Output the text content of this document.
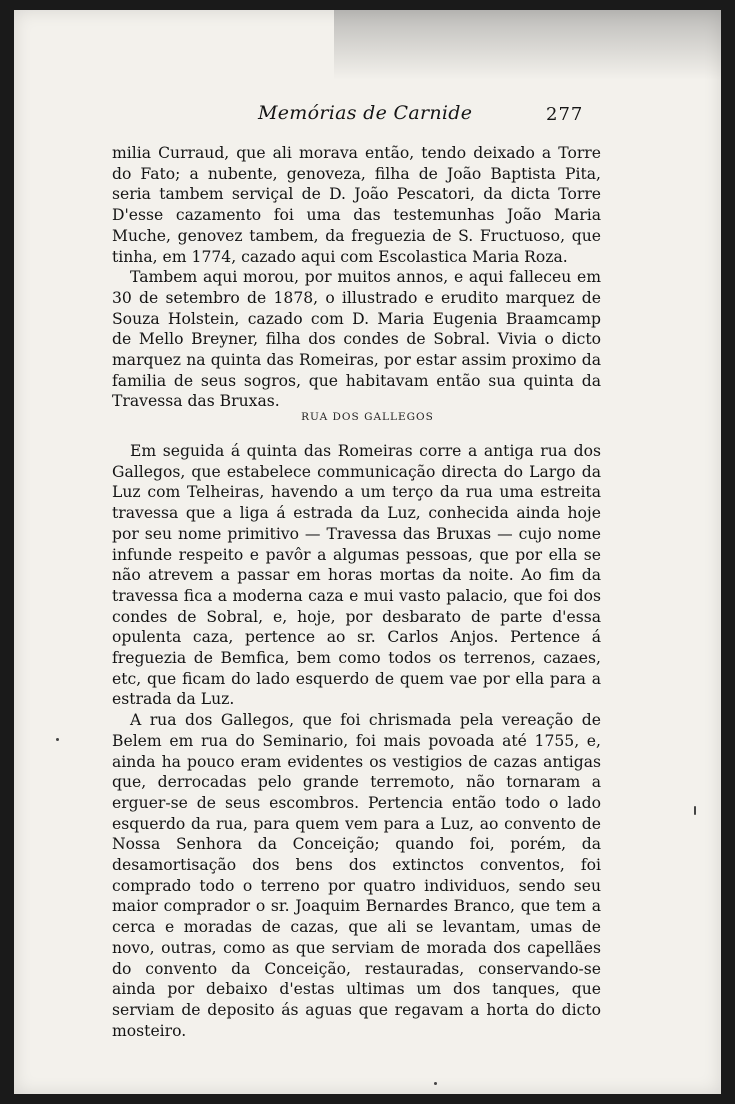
Memórias de Carnide	277

milia Curraud, que ali morava então, tendo deixado a Torre do Fato; a nubente, genoveza, filha de João Baptista Pita, seria tambem serviçal de D. João Pescatori, da dicta Torre D'esse cazamento foi uma das testemunhas João Maria Muche, genovez tambem, da freguezia de S. Fructuoso, que tinha, em 1774, cazado aqui com Escolastica Maria Roza.

Tambem aqui morou, por muitos annos, e aqui falleceu em 30 de setembro de 1878, o illustrado e erudito marquez de Souza Holstein, cazado com D. Maria Eugenia Braamcamp de Mello Breyner, filha dos condes de Sobral. Vivia o dicto marquez na quinta das Romeiras, por estar assim proximo da familia de seus sogros, que habitavam então sua quinta da Travessa das Bruxas.

RUA DOS GALLEGOS

Em seguida á quinta das Romeiras corre a antiga rua dos Gallegos, que estabelece communicação directa do Largo da Luz com Telheiras, havendo a um terço da rua uma estreita travessa que a liga á estrada da Luz, conhecida ainda hoje por seu nome primitivo — Travessa das Bruxas — cujo nome infunde respeito e pavôr a algumas pessoas, que por ella se não atrevem a passar em horas mortas da noite. Ao fim da travessa fica a moderna caza e mui vasto palacio, que foi dos condes de Sobral, e, hoje, por desbarato de parte d'essa opulenta caza, pertence ao sr. Carlos Anjos. Pertence á freguezia de Bemfica, bem como todos os terrenos, cazaes, etc, que ficam do lado esquerdo de quem vae por ella para a estrada da Luz.

A rua dos Gallegos, que foi chrismada pela vereação de Belem em rua do Seminario, foi mais povoada até 1755, e, ainda ha pouco eram evidentes os vestigios de cazas antigas que, derrocadas pelo grande terremoto, não tornaram a erguer-se de seus escombros. Pertencia então todo o lado esquerdo da rua, para quem vem para a Luz, ao convento de Nossa Senhora da Conceição; quando foi, porém, da desamortisação dos bens dos extinctos conventos, foi comprado todo o terreno por quatro individuos, sendo seu maior comprador o sr. Joaquim Bernardes Branco, que tem a cerca e moradas de cazas, que ali se levantam, umas de novo, outras, como as que serviam de morada dos capellães do convento da Conceição, restauradas, conservando-se ainda por debaixo d'estas ultimas um dos tanques, que serviam de deposito ás aguas que regavam a horta do dicto mosteiro.
